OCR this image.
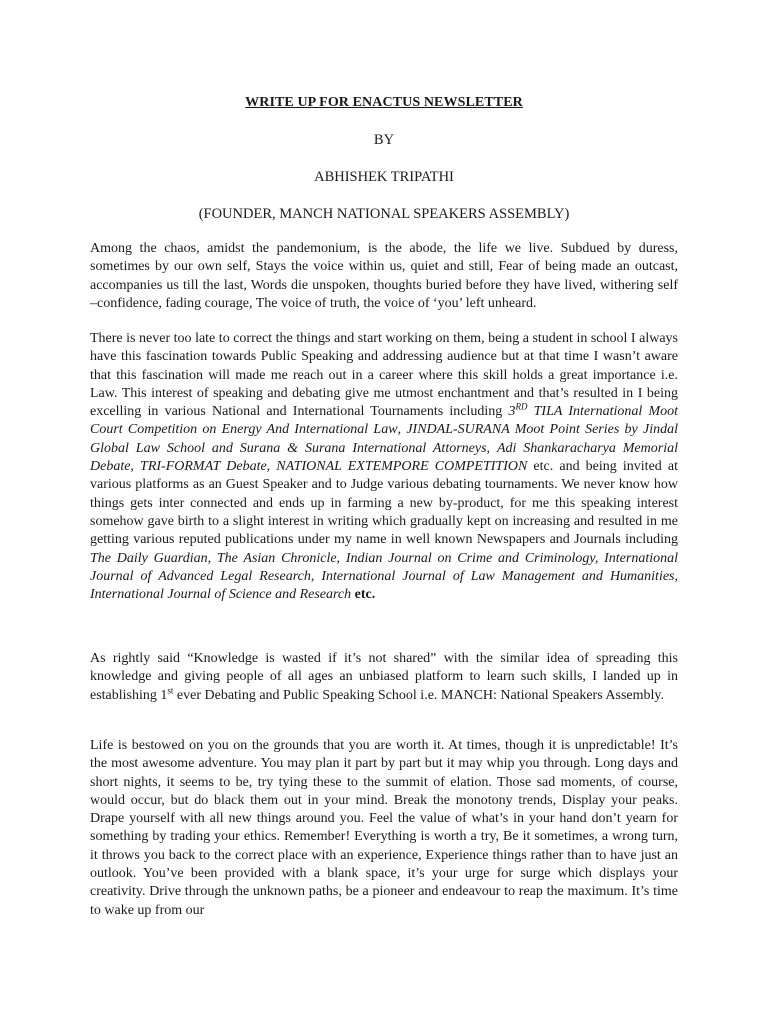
WRITE UP FOR ENACTUS NEWSLETTER
BY
ABHISHEK TRIPATHI
(FOUNDER, MANCH NATIONAL SPEAKERS ASSEMBLY)

Among the chaos, amidst the pandemonium, is the abode, the life we live. Subdued by duress, sometimes by our own self, Stays the voice within us, quiet and still, Fear of being made an outcast, accompanies us till the last, Words die unspoken, thoughts buried before they have lived, withering self –confidence, fading courage, The voice of truth, the voice of ‘you’ left unheard.

There is never too late to correct the things and start working on them, being a student in school I always have this fascination towards Public Speaking and addressing audience but at that time I wasn’t aware that this fascination will made me reach out in a career where this skill holds a great importance i.e. Law. This interest of speaking and debating give me utmost enchantment and that’s resulted in I being excelling in various National and International Tournaments including 3RD TILA International Moot Court Competition on Energy And International Law, JINDAL-SURANA Moot Point Series by Jindal Global Law School and Surana & Surana International Attorneys, Adi Shankaracharya Memorial Debate, TRI-FORMAT Debate, NATIONAL EXTEMPORE COMPETITION etc. and being invited at various platforms as an Guest Speaker and to Judge various debating tournaments. We never know how things gets inter connected and ends up in farming a new by-product, for me this speaking interest somehow gave birth to a slight interest in writing which gradually kept on increasing and resulted in me getting various reputed publications under my name in well known Newspapers and Journals including The Daily Guardian, The Asian Chronicle, Indian Journal on Crime and Criminology, International Journal of Advanced Legal Research, International Journal of Law Management and Humanities, International Journal of Science and Research etc.

As rightly said “Knowledge is wasted if it’s not shared” with the similar idea of spreading this knowledge and giving people of all ages an unbiased platform to learn such skills, I landed up in establishing 1st ever Debating and Public Speaking School i.e. MANCH: National Speakers Assembly.

Life is bestowed on you on the grounds that you are worth it. At times, though it is unpredictable! It’s the most awesome adventure. You may plan it part by part but it may whip you through. Long days and short nights, it seems to be, try tying these to the summit of elation. Those sad moments, of course, would occur, but do black them out in your mind. Break the monotony trends, Display your peaks. Drape yourself with all new things around you. Feel the value of what’s in your hand don’t yearn for something by trading your ethics. Remember! Everything is worth a try, Be it sometimes, a wrong turn, it throws you back to the correct place with an experience, Experience things rather than to have just an outlook. You’ve been provided with a blank space, it’s your urge for surge which displays your creativity. Drive through the unknown paths, be a pioneer and endeavour to reap the maximum. It’s time to wake up from our
